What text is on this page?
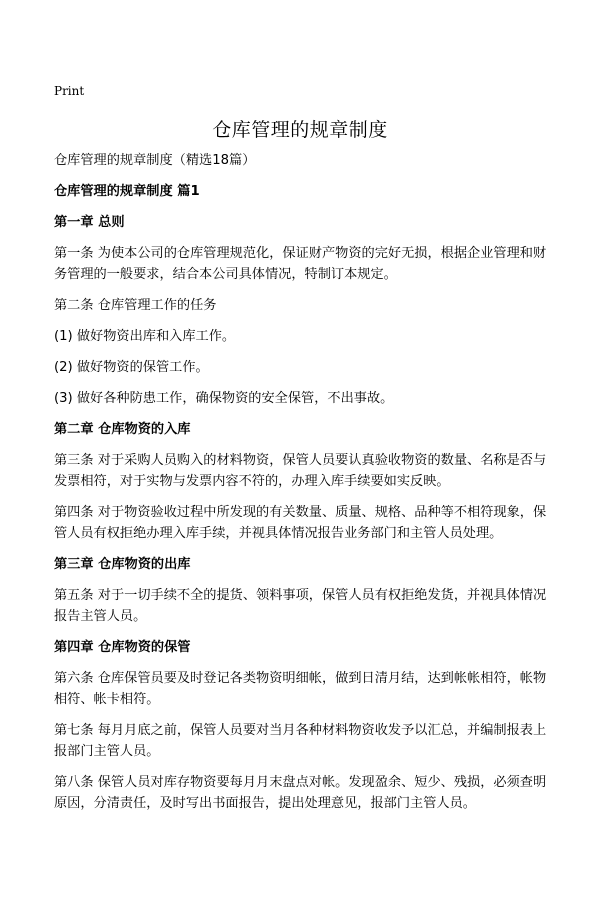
Print
仓库管理的规章制度

仓库管理的规章制度（精选18篇）

仓库管理的规章制度 篇1

第一章 总则

第一条 为使本公司的仓库管理规范化，保证财产物资的完好无损，根据企业管理和财务管理的一般要求，结合本公司具体情况，特制订本规定。

第二条 仓库管理工作的任务

(1) 做好物资出库和入库工作。

(2) 做好物资的保管工作。

(3) 做好各种防患工作，确保物资的安全保管，不出事故。

第二章 仓库物资的入库

第三条 对于采购人员购入的材料物资，保管人员要认真验收物资的数量、名称是否与发票相符，对于实物与发票内容不符的，办理入库手续要如实反映。

第四条 对于物资验收过程中所发现的有关数量、质量、规格、品种等不相符现象，保管人员有权拒绝办理入库手续，并视具体情况报告业务部门和主管人员处理。

第三章 仓库物资的出库

第五条 对于一切手续不全的提货、领料事项，保管人员有权拒绝发货，并视具体情况报告主管人员。

第四章 仓库物资的保管

第六条 仓库保管员要及时登记各类物资明细帐，做到日清月结，达到帐帐相符，帐物相符、帐卡相符。

第七条 每月月底之前，保管人员要对当月各种材料物资收发予以汇总，并编制报表上报部门主管人员。

第八条 保管人员对库存物资要每月月末盘点对帐。发现盈余、短少、残损，必须查明原因，分清责任，及时写出书面报告，提出处理意见，报部门主管人员。
